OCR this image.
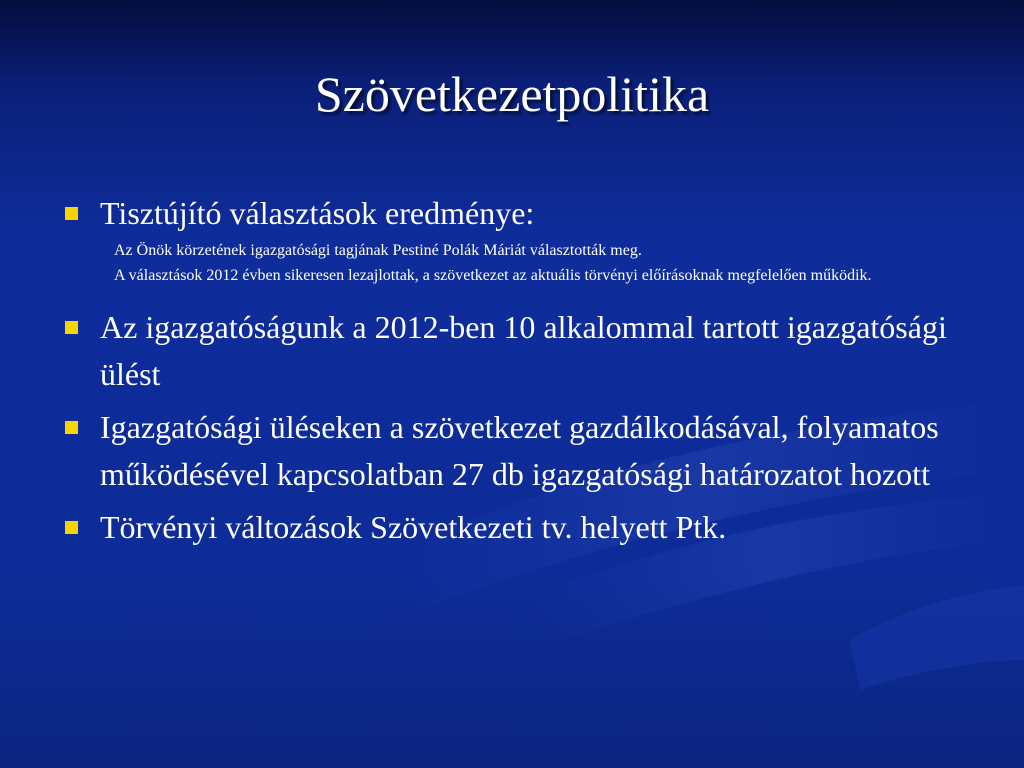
Szövetkezetpolitika

Tisztújító választások eredménye:

Az Önök körzetének igazgatósági tagjának Pestiné Polák Máriát választották meg.

A választások 2012 évben sikeresen lezajlottak, a szövetkezet az aktuális törvényi előírásoknak megfelelően működik.

Az igazgatóságunk a 2012-ben 10 alkalommal tartott igazgatósági ülést

Igazgatósági üléseken a szövetkezet gazdálkodásával, folyamatos működésével kapcsolatban 27 db igazgatósági határozatot hozott

Törvényi változások Szövetkezeti tv. helyett Ptk.
